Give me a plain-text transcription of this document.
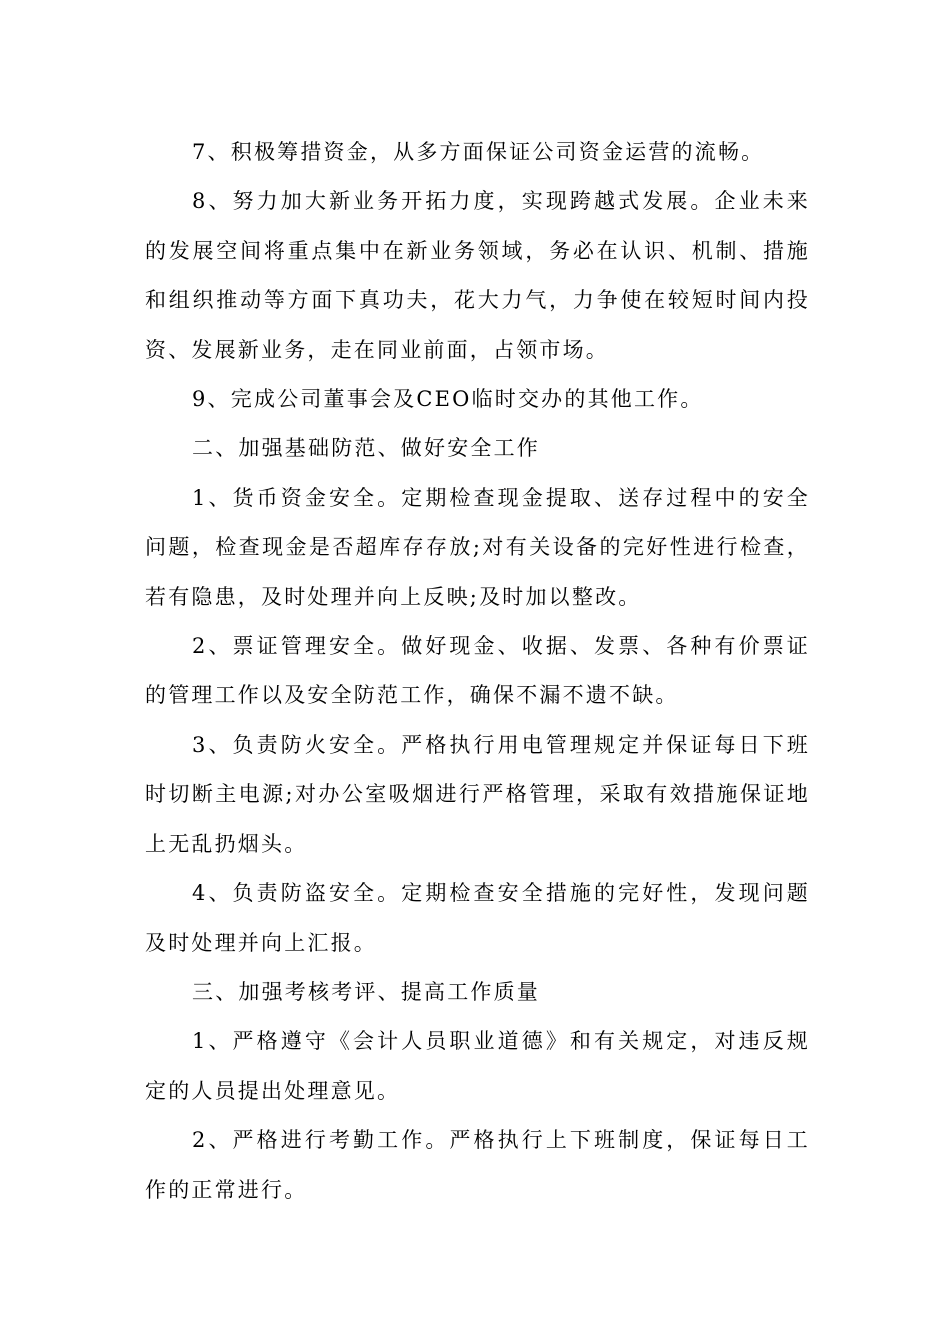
7、积极筹措资金，从多方面保证公司资金运营的流畅。

8、努力加大新业务开拓力度，实现跨越式发展。企业未来的发展空间将重点集中在新业务领域，务必在认识、机制、措施和组织推动等方面下真功夫，花大力气，力争使在较短时间内投资、发展新业务，走在同业前面，占领市场。

9、完成公司董事会及CEO临时交办的其他工作。

二、加强基础防范、做好安全工作

1、货币资金安全。定期检查现金提取、送存过程中的安全问题，检查现金是否超库存存放;对有关设备的完好性进行检查，若有隐患，及时处理并向上反映;及时加以整改。

2、票证管理安全。做好现金、收据、发票、各种有价票证的管理工作以及安全防范工作，确保不漏不遗不缺。

3、负责防火安全。严格执行用电管理规定并保证每日下班时切断主电源;对办公室吸烟进行严格管理，采取有效措施保证地上无乱扔烟头。

4、负责防盗安全。定期检查安全措施的完好性，发现问题及时处理并向上汇报。

三、加强考核考评、提高工作质量

1、严格遵守《会计人员职业道德》和有关规定，对违反规定的人员提出处理意见。

2、严格进行考勤工作。严格执行上下班制度，保证每日工作的正常进行。
